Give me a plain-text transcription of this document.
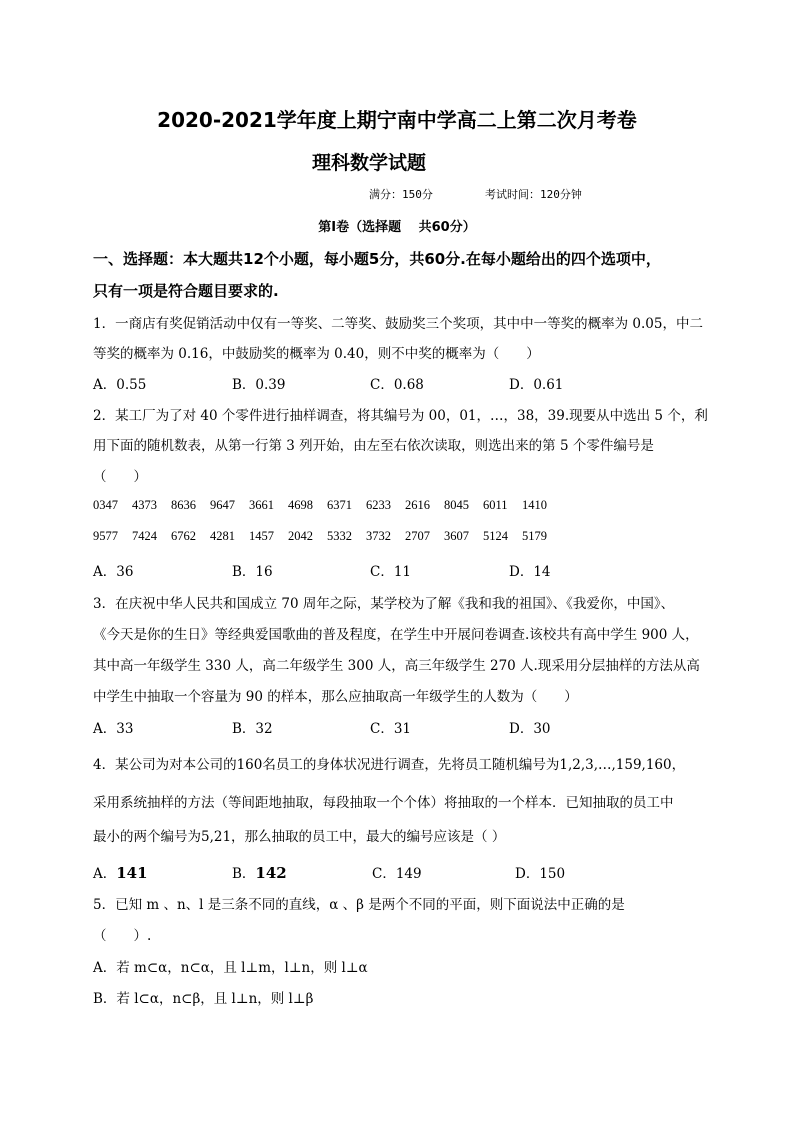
2020-2021学年度上期宁南中学高二上第二次月考卷
理科数学试题
满分：150分	考试时间：120分钟
第Ⅰ卷（选择题　 共60分）
一、选择题：本大题共12个小题，每小题5分，共60分.在每小题给出的四个选项中，
只有一项是符合题目要求的.
1．一商店有奖促销活动中仅有一等奖、二等奖、鼓励奖三个奖项，其中中一等奖的概率为 0.05，中二
等奖的概率为 0.16，中鼓励奖的概率为 0.40，则不中奖的概率为（　　）
A．0.55	B．0.39	C．0.68	D．0.61
2．某工厂为了对 40 个零件进行抽样调查，将其编号为 00，01，…，38，39.现要从中选出 5 个，利
用下面的随机数表，从第一行第 3 列开始，由左至右依次读取，则选出来的第 5 个零件编号是
（　　）
0347 4373 8636 9647 3661 4698 6371 6233 2616 8045 6011 1410
9577 7424 6762 4281 1457 2042 5332 3732 2707 3607 5124 5179
A．36	B．16	C．11	D．14
3．在庆祝中华人民共和国成立 70 周年之际，某学校为了解《我和我的祖国》、《我爱你，中国》、
《今天是你的生日》等经典爱国歌曲的普及程度，在学生中开展问卷调查.该校共有高中学生 900 人，
其中高一年级学生 330 人，高二年级学生 300 人，高三年级学生 270 人.现采用分层抽样的方法从高
中学生中抽取一个容量为 90 的样本，那么应抽取高一年级学生的人数为（　　）
A．33	B．32	C．31	D．30
4．某公司为对本公司的160名员工的身体状况进行调查，先将员工随机编号为1,2,3,…,159,160，
采用系统抽样的方法（等间距地抽取，每段抽取一个个体）将抽取的一个样本．已知抽取的员工中
最小的两个编号为5,21，那么抽取的员工中，最大的编号应该是（ ）
A．141	B．142	C．149	D．150
5．已知 m 、n、l 是三条不同的直线，α 、β 是两个不同的平面，则下面说法中正确的是
（　　）.
A．若 m⊂α，n⊂α，且 l⊥m，l⊥n，则 l⊥α
B．若 l⊂α，n⊂β，且 l⊥n，则 l⊥β
